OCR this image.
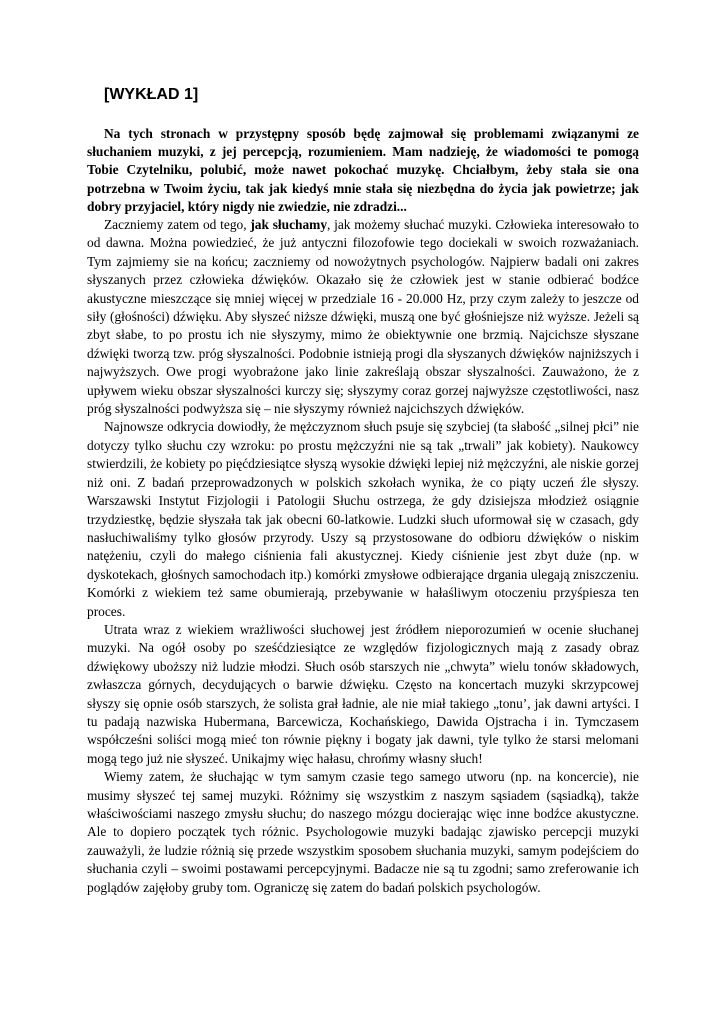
[WYKŁAD 1]

Na tych stronach w przystępny sposób będę zajmował się problemami związanymi ze słuchaniem muzyki, z jej percepcją, rozumieniem. Mam nadzieję, że wiadomości te pomogą Tobie Czytelniku, polubić, może nawet pokochać muzykę. Chciałbym, żeby stała sie ona potrzebna w Twoim życiu, tak jak kiedyś mnie stała się niezbędna do życia jak powietrze; jak dobry przyjaciel, który nigdy nie zwiedzie, nie zdradzi...

Zaczniemy zatem od tego, jak słuchamy, jak możemy słuchać muzyki. Człowieka interesowało to od dawna. Można powiedzieć, że już antyczni filozofowie tego dociekali w swoich rozważaniach. Tym zajmiemy sie na końcu; zaczniemy od nowożytnych psychologów. Najpierw badali oni zakres słyszanych przez człowieka dźwięków. Okazało się że człowiek jest w stanie odbierać bodźce akustyczne mieszczące się mniej więcej w przedziale 16 - 20.000 Hz, przy czym zależy to jeszcze od siły (głośności) dźwięku. Aby słyszeć niższe dźwięki, muszą one być głośniejsze niż wyższe. Jeżeli są zbyt słabe, to po prostu ich nie słyszymy, mimo że obiektywnie one brzmią. Najcichsze słyszane dźwięki tworzą tzw. próg słyszalności. Podobnie istnieją progi dla słyszanych dźwięków najniższych i najwyższych. Owe progi wyobrażone jako linie zakreślają obszar słyszalności. Zauważono, że z upływem wieku obszar słyszalności kurczy się; słyszymy coraz gorzej najwyższe częstotliwości, nasz próg słyszalności podwyższa się – nie słyszymy również najcichszych dźwięków.

Najnowsze odkrycia dowiodły, że mężczyznom słuch psuje się szybciej (ta słabość „silnej płci” nie dotyczy tylko słuchu czy wzroku: po prostu mężczyźni nie są tak „trwali” jak kobiety). Naukowcy stwierdzili, że kobiety po pięćdziesiątce słyszą wysokie dźwięki lepiej niż mężczyźni, ale niskie gorzej niż oni. Z badań przeprowadzonych w polskich szkołach wynika, że co piąty uczeń źle słyszy. Warszawski Instytut Fizjologii i Patologii Słuchu ostrzega, że gdy dzisiejsza młodzież osiągnie trzydziestkę, będzie słyszała tak jak obecni 60-latkowie. Ludzki słuch uformował się w czasach, gdy nasłuchiwaliśmy tylko głosów przyrody. Uszy są przystosowane do odbioru dźwięków o niskim natężeniu, czyli do małego ciśnienia fali akustycznej. Kiedy ciśnienie jest zbyt duże (np. w dyskotekach, głośnych samochodach itp.) komórki zmysłowe odbierające drgania ulegają zniszczeniu. Komórki z wiekiem też same obumierają, przebywanie w hałaśliwym otoczeniu przyśpiesza ten proces.

Utrata wraz z wiekiem wrażliwości słuchowej jest źródłem nieporozumień w ocenie słuchanej muzyki. Na ogół osoby po sześćdziesiątce ze względów fizjologicznych mają z zasady obraz dźwiękowy uboższy niż ludzie młodzi. Słuch osób starszych nie „chwyta” wielu tonów składowych, zwłaszcza górnych, decydujących o barwie dźwięku. Często na koncertach muzyki skrzypcowej słyszy się opnie osób starszych, że solista grał ładnie, ale nie miał takiego „tonu’, jak dawni artyści. I tu padają nazwiska Hubermana, Barcewicza, Kochańskiego, Dawida Ojstracha i in. Tymczasem współcześni soliści mogą mieć ton równie piękny i bogaty jak dawni, tyle tylko że starsi melomani mogą tego już nie słyszeć. Unikajmy więc hałasu, chrońmy własny słuch!

Wiemy zatem, że słuchając w tym samym czasie tego samego utworu (np. na koncercie), nie musimy słyszeć tej samej muzyki. Różnimy się wszystkim z naszym sąsiadem (sąsiadką), także właściwościami naszego zmysłu słuchu; do naszego mózgu docierając więc inne bodźce akustyczne. Ale to dopiero początek tych różnic. Psychologowie muzyki badając zjawisko percepcji muzyki zauważyli, że ludzie różnią się przede wszystkim sposobem słuchania muzyki, samym podejściem do słuchania czyli – swoimi postawami percepcyjnymi. Badacze nie są tu zgodni; samo zreferowanie ich poglądów zajęłoby gruby tom. Ograniczę się zatem do badań polskich psychologów.
